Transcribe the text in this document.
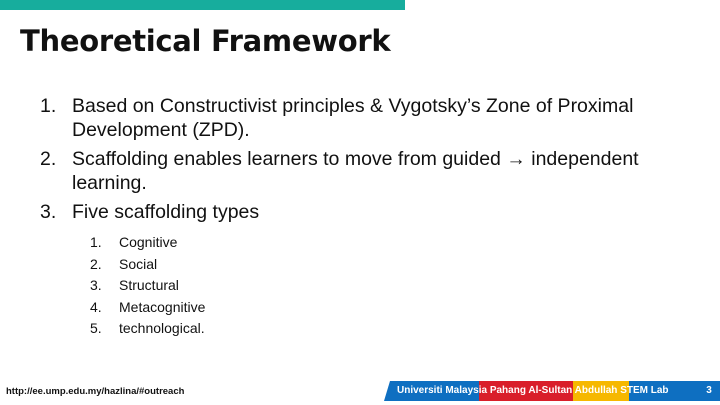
Theoretical Framework
1. Based on Constructivist principles & Vygotsky’s Zone of Proximal Development (ZPD).
2. Scaffolding enables learners to move from guided → independent learning.
3. Five scaffolding types
1.	Cognitive
2.	Social
3.	Structural
4.	Metacognitive
5.	technological.
http://ee.ump.edu.my/hazlina/#outreach	Universiti Malaysia Pahang Al-Sultan Abdullah STEM Lab	3
